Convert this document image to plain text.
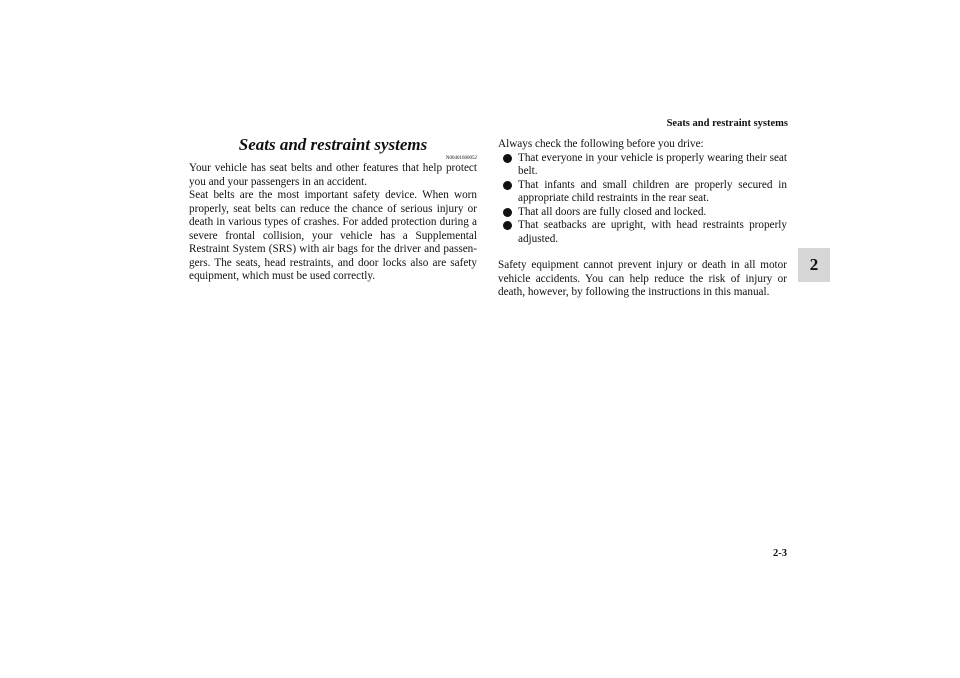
Seats and restraint systems
2
Seats and restraint systems
N00401600052

Your vehicle has seat belts and other features that help protect you and your passengers in an accident.

Seat belts are the most important safety device. When worn properly, seat belts can reduce the chance of serious injury or death in various types of crashes. For added protection during a severe frontal collision, your vehicle has a Supplemental Restraint System (SRS) with air bags for the driver and passen-gers. The seats, head restraints, and door locks also are safety equipment, which must be used correctly.

Always check the following before you drive:

That everyone in your vehicle is properly wearing their seat belt.
That infants and small children are properly secured in appropriate child restraints in the rear seat.
That all doors are fully closed and locked.
That seatbacks are upright, with head restraints properly adjusted.

Safety equipment cannot prevent injury or death in all motor vehicle accidents. You can help reduce the risk of injury or death, however, by following the instructions in this manual.

2-3
